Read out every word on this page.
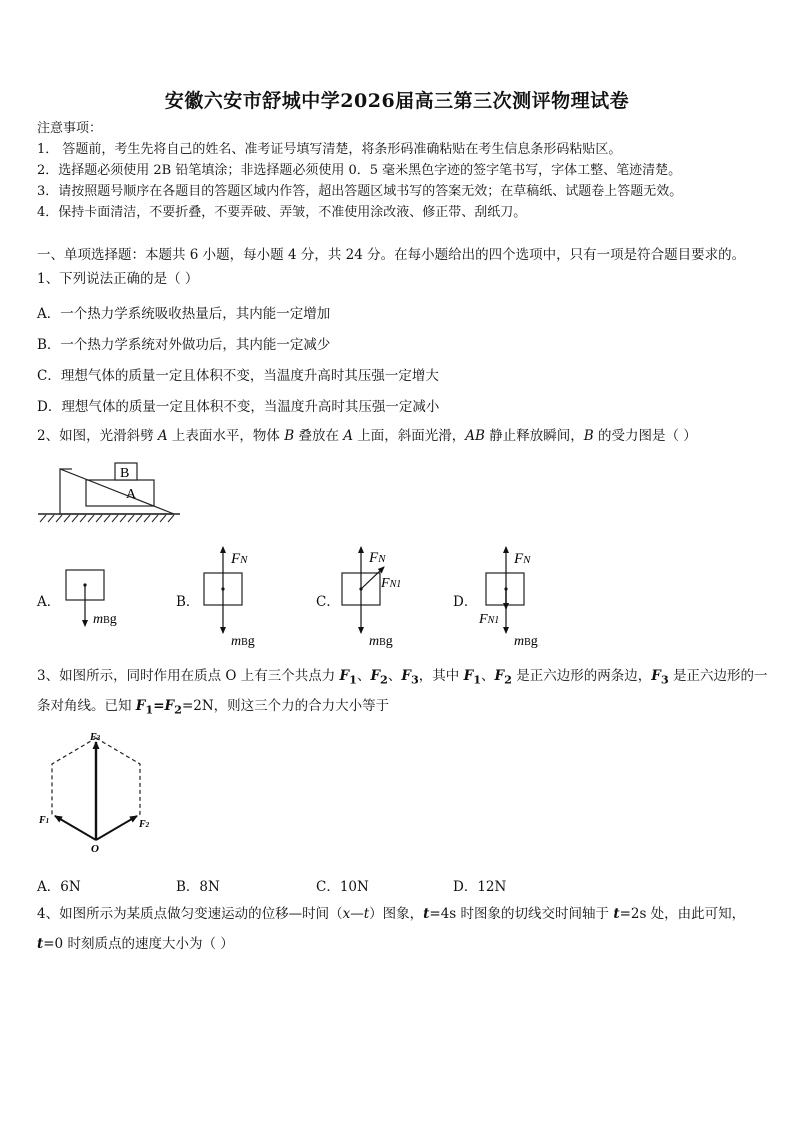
安徽六安市舒城中学2026届高三第三次测评物理试卷
注意事项：
1． 答题前，考生先将自己的姓名、准考证号填写清楚，将条形码准确粘贴在考生信息条形码粘贴区。
2．选择题必须使用 2B 铅笔填涂；非选择题必须使用 0．5 毫米黑色字迹的签字笔书写，字体工整、笔迹清楚。
3．请按照题号顺序在各题目的答题区域内作答，超出答题区域书写的答案无效；在草稿纸、试题卷上答题无效。
4．保持卡面清洁，不要折叠，不要弄破、弄皱，不准使用涂改液、修正带、刮纸刀。
一、单项选择题：本题共 6 小题，每小题 4 分，共 24 分。在每小题给出的四个选项中，只有一项是符合题目要求的。
1、下列说法正确的是（ ）
A．一个热力学系统吸收热量后，其内能一定增加
B．一个热力学系统对外做功后，其内能一定减少
C．理想气体的质量一定且体积不变，当温度升高时其压强一定增大
D．理想气体的质量一定且体积不变，当温度升高时其压强一定减小
2、如图，光滑斜劈 A 上表面水平，物体 B 叠放在 A 上面，斜面光滑，AB 静止释放瞬间，B 的受力图是（ ）
B
A
A．
mBg
B．
FN
mBg
C．
FN
FN1
mBg
D．
FN
FN1
mBg
3、如图所示，同时作用在质点 O 上有三个共点力 $F_1$、$F_2$、$F_3$，其中 $F_1$、$F_2$ 是正六边形的两条边，$F_3$ 是正六边形的一
条对角线。已知 $F_1=F_2=2N$，则这三个力的合力大小等于
F3
F1	F2
O
A．6N	B．8N	C．10N	D．12N
4、如图所示为某质点做匀变速运动的位移—时间（x—t）图象，t=4s 时图象的切线交时间轴于 t=2s 处，由此可知，
t=0 时刻质点的速度大小为（ ）
